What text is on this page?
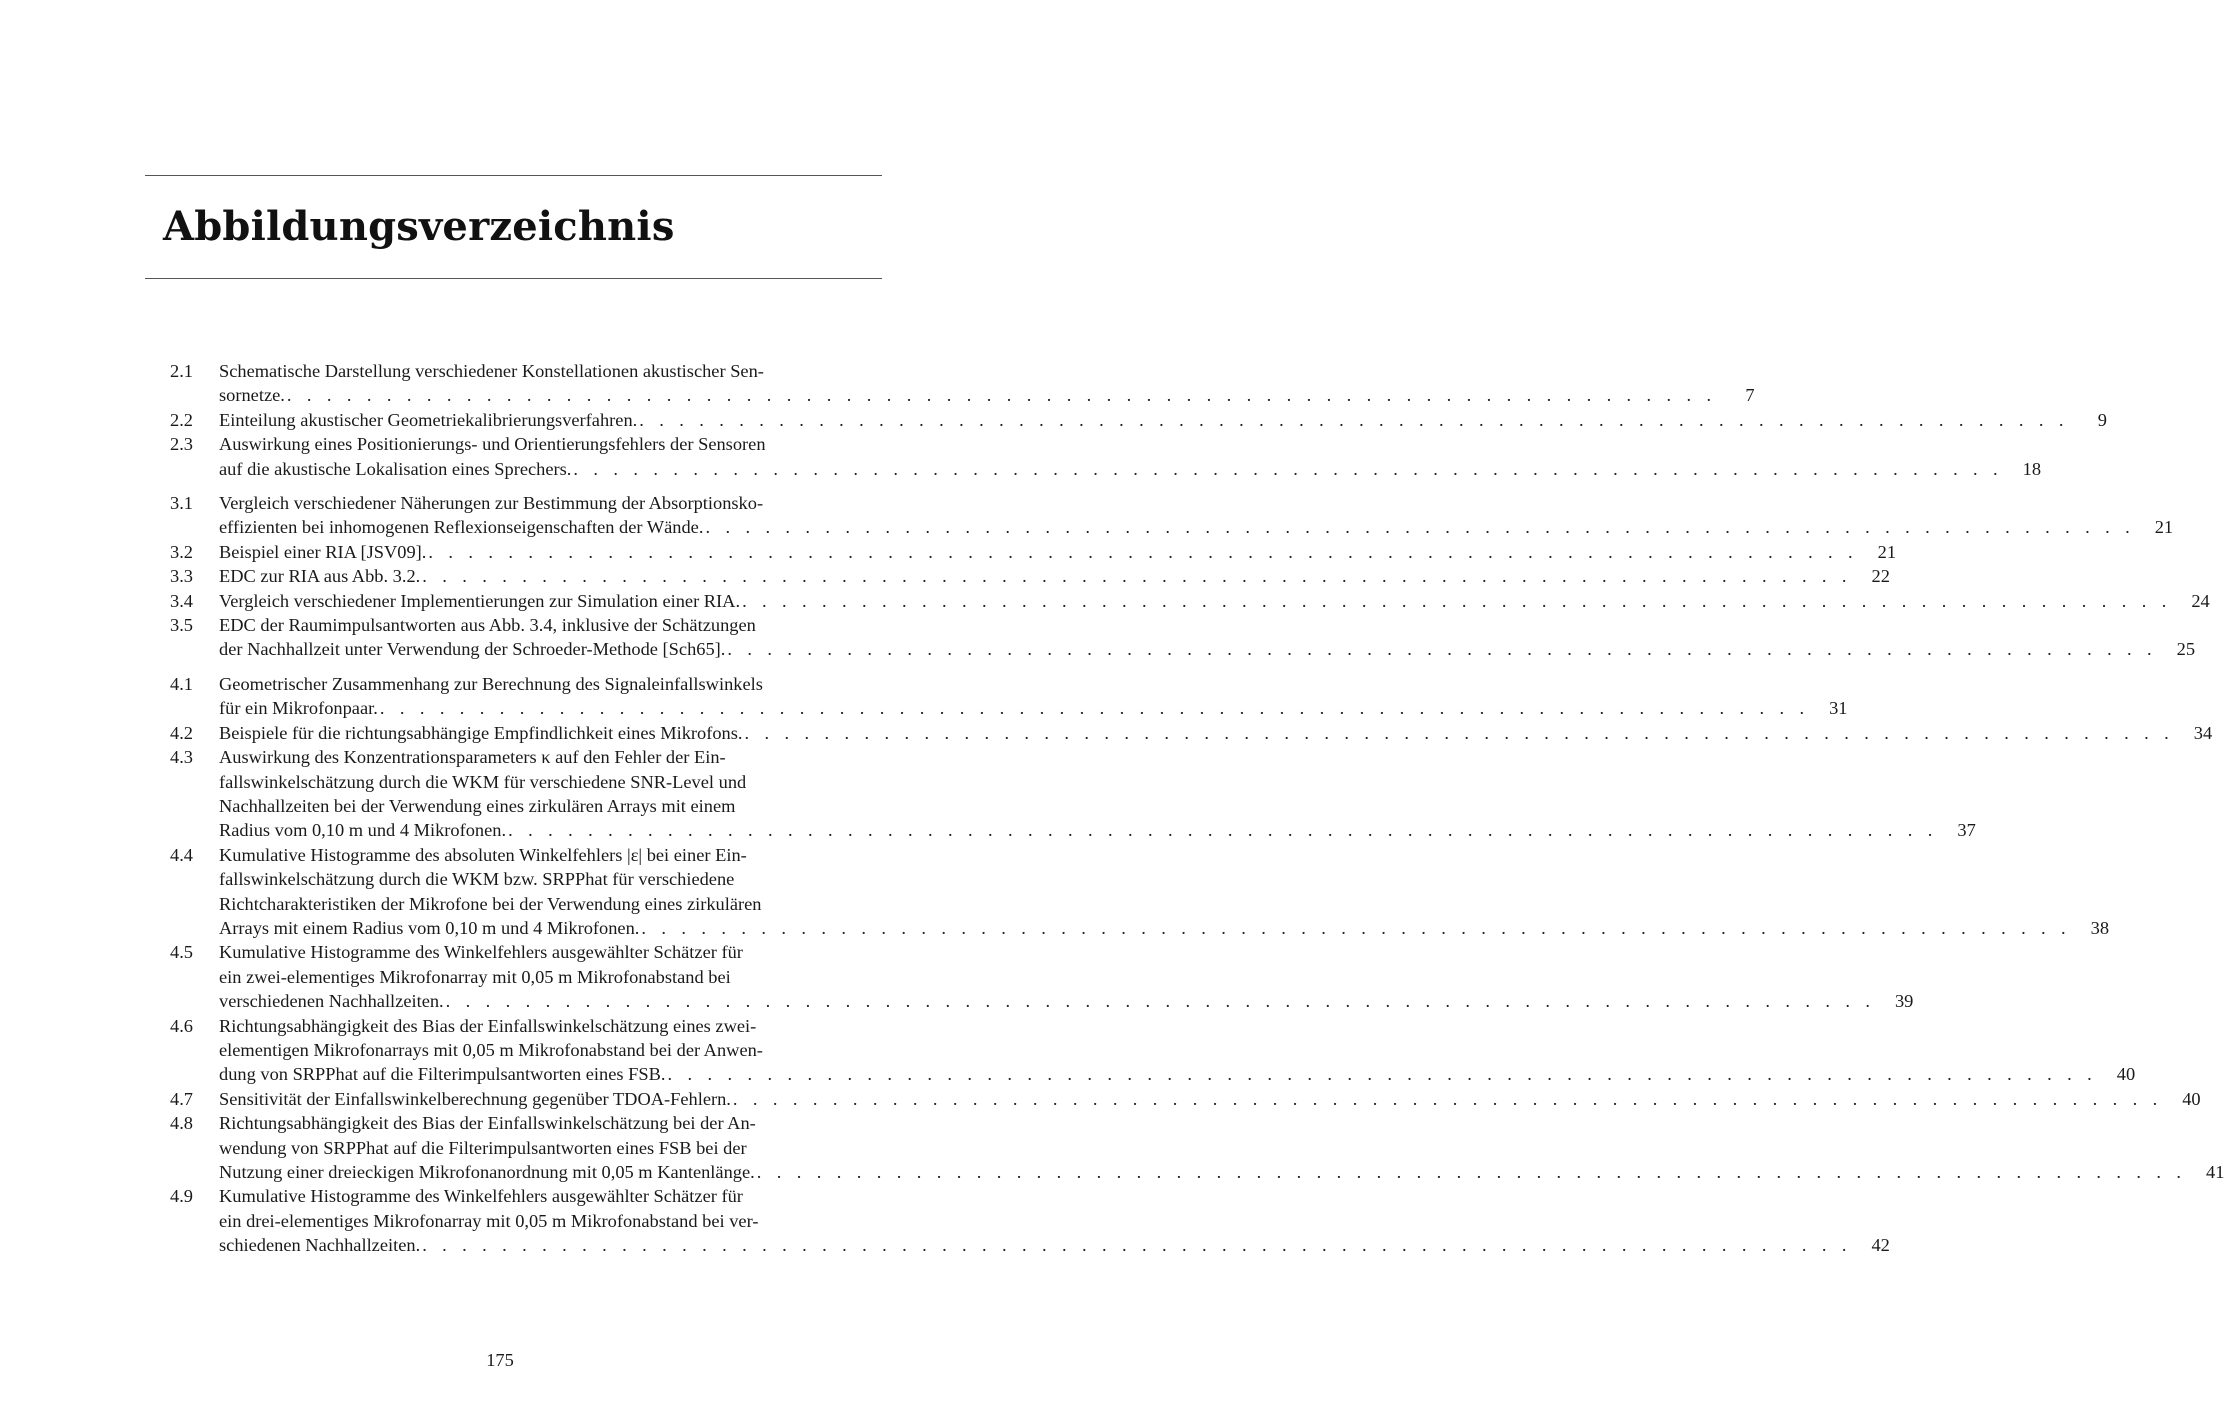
Abbildungsverzeichnis
2.1	Schematische Darstellung verschiedener Konstellationen akustischer Sen-
sornetze. . . . . . . . . . . . . . . . . . . . . . . . . . . . . . . . . . . . . . . . . . . . . . . . . . . . . . . . . . . . . . . . . . . . . . . . .	7
2.2	Einteilung akustischer Geometriekalibrierungsverfahren. . . . . . . . . . . . . . . . . . . . . . . . . . . . . . . . . . . . . . . . . . . . . . . . . . . . . . . . . . . . . . . . . . . . . . . . .	9
2.3	Auswirkung eines Positionierungs- und Orientierungsfehlers der Sensoren
auf die akustische Lokalisation eines Sprechers. . . . . . . . . . . . . . . . . . . . . . . . . . . . . . . . . . . . . . . . . . . . . . . . . . . . . . . . . . . . . . . . . . . . . . . . .	18
3.1	Vergleich verschiedener Näherungen zur Bestimmung der Absorptionsko-
effizienten bei inhomogenen Reflexionseigenschaften der Wände. . . . . . . . . . . . . . . . . . . . . . . . . . . . . . . . . . . . . . . . . . . . . . . . . . . . . . . . . . . . . . . . . . . . . . . . .	21
3.2	Beispiel einer RIA [JSV09]. . . . . . . . . . . . . . . . . . . . . . . . . . . . . . . . . . . . . . . . . . . . . . . . . . . . . . . . . . . . . . . . . . . . . . . . .	21
3.3	EDC zur RIA aus Abb. 3.2. . . . . . . . . . . . . . . . . . . . . . . . . . . . . . . . . . . . . . . . . . . . . . . . . . . . . . . . . . . . . . . . . . . . . . . . .	22
3.4	Vergleich verschiedener Implementierungen zur Simulation einer RIA. . . . . . . . . . . . . . . . . . . . . . . . . . . . . . . . . . . . . . . . . . . . . . . . . . . . . . . . . . . . . . . . . . . . . . . . .	24
3.5	EDC der Raumimpulsantworten aus Abb. 3.4, inklusive der Schätzungen
der Nachhallzeit unter Verwendung der Schroeder-Methode [Sch65]. . . . . . . . . . . . . . . . . . . . . . . . . . . . . . . . . . . . . . . . . . . . . . . . . . . . . . . . . . . . . . . . . . . . . . . . .	25
4.1	Geometrischer Zusammenhang zur Berechnung des Signaleinfallswinkels
für ein Mikrofonpaar. . . . . . . . . . . . . . . . . . . . . . . . . . . . . . . . . . . . . . . . . . . . . . . . . . . . . . . . . . . . . . . . . . . . . . . . .	31
4.2	Beispiele für die richtungsabhängige Empfindlichkeit eines Mikrofons. . . . . . . . . . . . . . . . . . . . . . . . . . . . . . . . . . . . . . . . . . . . . . . . . . . . . . . . . . . . . . . . . . . . . . . . .	34
4.3	Auswirkung des Konzentrationsparameters κ auf den Fehler der Ein-
fallswinkelschätzung durch die WKM für verschiedene SNR-Level und
Nachhallzeiten bei der Verwendung eines zirkulären Arrays mit einem
Radius vom 0,10 m und 4 Mikrofonen. . . . . . . . . . . . . . . . . . . . . . . . . . . . . . . . . . . . . . . . . . . . . . . . . . . . . . . . . . . . . . . . . . . . . . . . .	37
4.4	Kumulative Histogramme des absoluten Winkelfehlers |ε| bei einer Ein-
fallswinkelschätzung durch die WKM bzw. SRPPhat für verschiedene
Richtcharakteristiken der Mikrofone bei der Verwendung eines zirkulären
Arrays mit einem Radius vom 0,10 m und 4 Mikrofonen. . . . . . . . . . . . . . . . . . . . . . . . . . . . . . . . . . . . . . . . . . . . . . . . . . . . . . . . . . . . . . . . . . . . . . . . .	38
4.5	Kumulative Histogramme des Winkelfehlers ausgewählter Schätzer für
ein zwei-elementiges Mikrofonarray mit 0,05 m Mikrofonabstand bei
verschiedenen Nachhallzeiten. . . . . . . . . . . . . . . . . . . . . . . . . . . . . . . . . . . . . . . . . . . . . . . . . . . . . . . . . . . . . . . . . . . . . . . . .	39
4.6	Richtungsabhängigkeit des Bias der Einfallswinkelschätzung eines zwei-
elementigen Mikrofonarrays mit 0,05 m Mikrofonabstand bei der Anwen-
dung von SRPPhat auf die Filterimpulsantworten eines FSB. . . . . . . . . . . . . . . . . . . . . . . . . . . . . . . . . . . . . . . . . . . . . . . . . . . . . . . . . . . . . . . . . . . . . . . . .	40
4.7	Sensitivität der Einfallswinkelberechnung gegenüber TDOA-Fehlern. . . . . . . . . . . . . . . . . . . . . . . . . . . . . . . . . . . . . . . . . . . . . . . . . . . . . . . . . . . . . . . . . . . . . . . . .	40
4.8	Richtungsabhängigkeit des Bias der Einfallswinkelschätzung bei der An-
wendung von SRPPhat auf die Filterimpulsantworten eines FSB bei der
Nutzung einer dreieckigen Mikrofonanordnung mit 0,05 m Kantenlänge. . . . . . . . . . . . . . . . . . . . . . . . . . . . . . . . . . . . . . . . . . . . . . . . . . . . . . . . . . . . . . . . . . . . . . . . .	41
4.9	Kumulative Histogramme des Winkelfehlers ausgewählter Schätzer für
ein drei-elementiges Mikrofonarray mit 0,05 m Mikrofonabstand bei ver-
schiedenen Nachhallzeiten. . . . . . . . . . . . . . . . . . . . . . . . . . . . . . . . . . . . . . . . . . . . . . . . . . . . . . . . . . . . . . . . . . . . . . . . .	42
175
